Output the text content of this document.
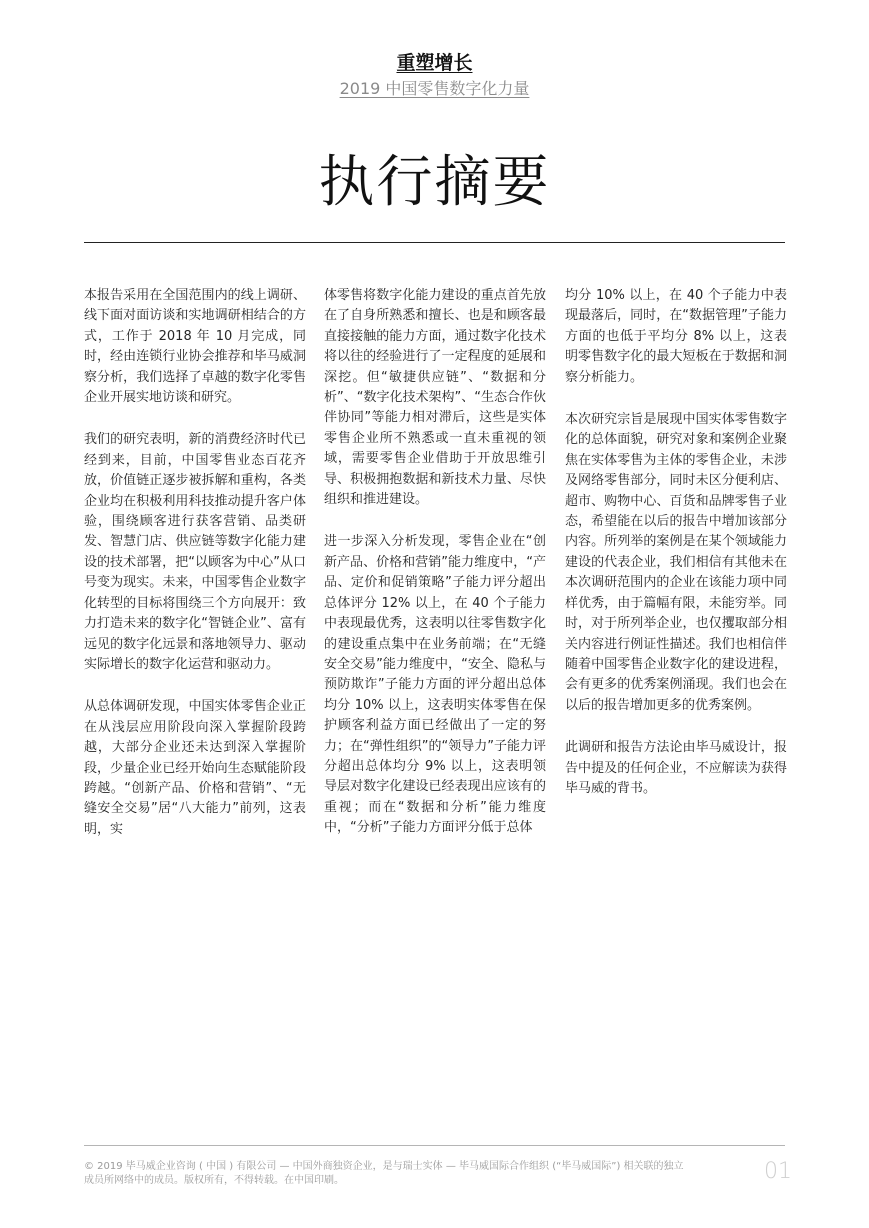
重塑增长
2019 中国零售数字化力量
执行摘要

本报告采用在全国范围内的线上调研、线下面对面访谈和实地调研相结合的方式，工作于 2018 年 10 月完成，同时，经由连锁行业协会推荐和毕马威洞察分析，我们选择了卓越的数字化零售企业开展实地访谈和研究。

我们的研究表明，新的消费经济时代已经到来，目前，中国零售业态百花齐放，价值链正逐步被拆解和重构，各类企业均在积极利用科技推动提升客户体验，围绕顾客进行获客营销、品类研发、智慧门店、供应链等数字化能力建设的技术部署，把“以顾客为中心”从口号变为现实。未来，中国零售企业数字化转型的目标将围绕三个方向展开：致力打造未来的数字化“智链企业”、富有远见的数字化远景和落地领导力、驱动实际增长的数字化运营和驱动力。

从总体调研发现，中国实体零售企业正在从浅层应用阶段向深入掌握阶段跨越，大部分企业还未达到深入掌握阶段，少量企业已经开始向生态赋能阶段跨越。“创新产品、价格和营销”、“无缝安全交易”居“八大能力”前列，这表明，实

体零售将数字化能力建设的重点首先放在了自身所熟悉和擅长、也是和顾客最直接接触的能力方面，通过数字化技术将以往的经验进行了一定程度的延展和深挖。但“敏捷供应链”、“数据和分析”、“数字化技术架构”、“生态合作伙伴协同”等能力相对滞后，这些是实体零售企业所不熟悉或一直未重视的领域，需要零售企业借助于开放思维引导、积极拥抱数据和新技术力量、尽快组织和推进建设。

进一步深入分析发现，零售企业在“创新产品、价格和营销”能力维度中，“产品、定价和促销策略”子能力评分超出总体评分 12% 以上，在 40 个子能力中表现最优秀，这表明以往零售数字化的建设重点集中在业务前端；在“无缝安全交易”能力维度中，“安全、隐私与预防欺诈”子能力方面的评分超出总体均分 10% 以上，这表明实体零售在保护顾客利益方面已经做出了一定的努力；在“弹性组织”的“领导力”子能力评分超出总体均分 9% 以上，这表明领导层对数字化建设已经表现出应该有的重视；而在“数据和分析”能力维度中，“分析”子能力方面评分低于总体

均分 10% 以上，在 40 个子能力中表现最落后，同时，在“数据管理”子能力方面的也低于平均分 8% 以上，这表明零售数字化的最大短板在于数据和洞察分析能力。

本次研究宗旨是展现中国实体零售数字化的总体面貌，研究对象和案例企业聚焦在实体零售为主体的零售企业，未涉及网络零售部分，同时未区分便利店、超市、购物中心、百货和品牌零售子业态，希望能在以后的报告中增加该部分内容。所列举的案例是在某个领域能力建设的代表企业，我们相信有其他未在本次调研范围内的企业在该能力项中同样优秀，由于篇幅有限，未能穷举。同时，对于所列举企业，也仅攫取部分相关内容进行例证性描述。我们也相信伴随着中国零售企业数字化的建设进程，会有更多的优秀案例涌现。我们也会在以后的报告增加更多的优秀案例。

此调研和报告方法论由毕马威设计，报告中提及的任何企业，不应解读为获得毕马威的背书。

© 2019 毕马威企业咨询 ( 中国 ) 有限公司 — 中国外商独资企业，是与瑞士实体 — 毕马威国际合作组织 (“毕马威国际”) 相关联的独立
成员所网络中的成员。版权所有，不得转载。在中国印刷。	01
